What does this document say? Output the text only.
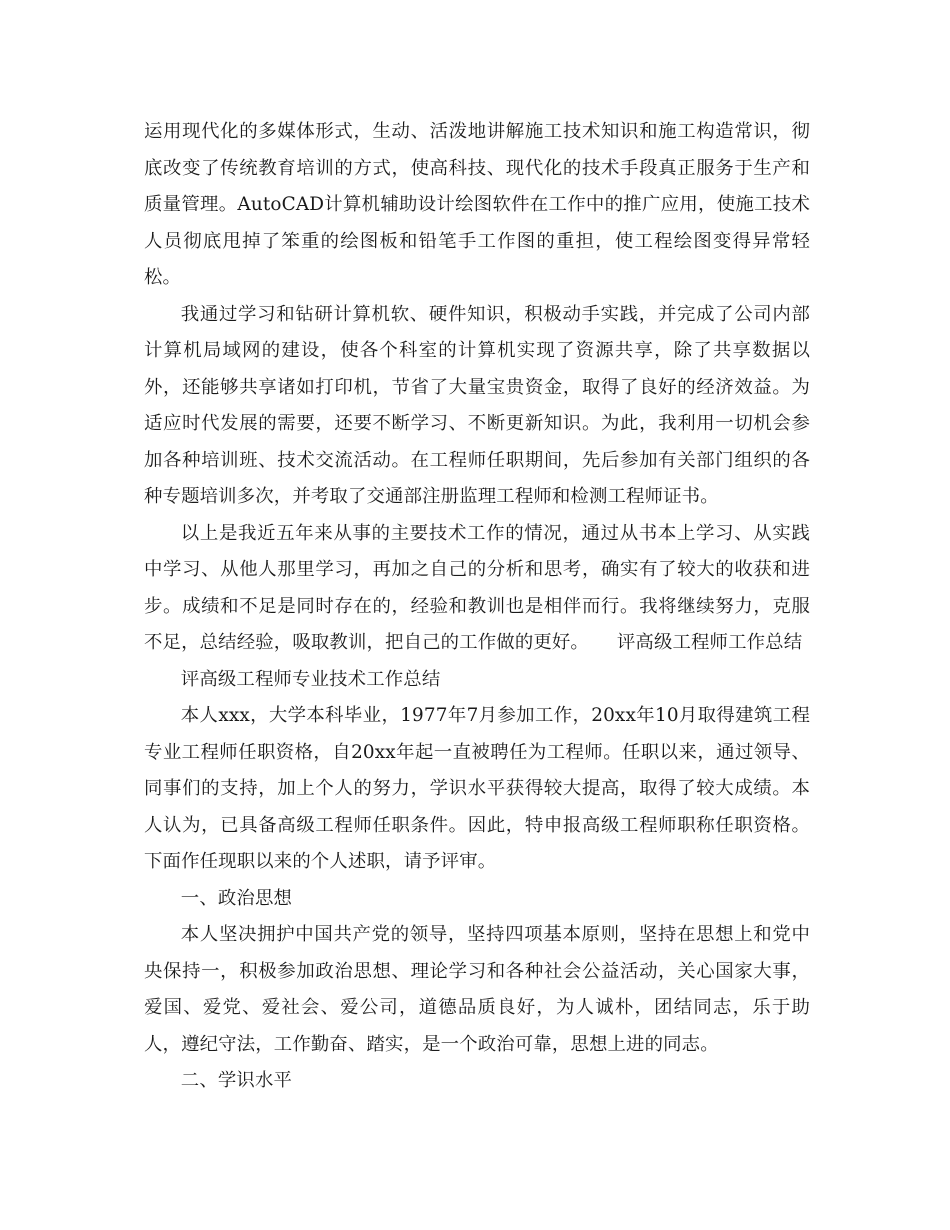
运用现代化的多媒体形式，生动、活泼地讲解施工技术知识和施工构造常识，彻底改变了传统教育培训的方式，使高科技、现代化的技术手段真正服务于生产和质量管理。AutoCAD计算机辅助设计绘图软件在工作中的推广应用，使施工技术人员彻底甩掉了笨重的绘图板和铅笔手工作图的重担，使工程绘图变得异常轻松。

我通过学习和钻研计算机软、硬件知识，积极动手实践，并完成了公司内部计算机局域网的建设，使各个科室的计算机实现了资源共享，除了共享数据以外，还能够共享诸如打印机，节省了大量宝贵资金，取得了良好的经济效益。为适应时代发展的需要，还要不断学习、不断更新知识。为此，我利用一切机会参加各种培训班、技术交流活动。在工程师任职期间，先后参加有关部门组织的各种专题培训多次，并考取了交通部注册监理工程师和检测工程师证书。

以上是我近五年来从事的主要技术工作的情况，通过从书本上学习、从实践中学习、从他人那里学习，再加之自己的分析和思考，确实有了较大的收获和进步。成绩和不足是同时存在的，经验和教训也是相伴而行。我将继续努力，克服不足，总结经验，吸取教训，把自己的工作做的更好。　　评高级工程师工作总结

评高级工程师专业技术工作总结

本人xxx，大学本科毕业，1977年7月参加工作，20xx年10月取得建筑工程专业工程师任职资格，自20xx年起一直被聘任为工程师。任职以来，通过领导、同事们的支持，加上个人的努力，学识水平获得较大提高，取得了较大成绩。本人认为，已具备高级工程师任职条件。因此，特申报高级工程师职称任职资格。下面作任现职以来的个人述职，请予评审。

一、政治思想

本人坚决拥护中国共产党的领导，坚持四项基本原则，坚持在思想上和党中央保持一，积极参加政治思想、理论学习和各种社会公益活动，关心国家大事，爱国、爱党、爱社会、爱公司，道德品质良好，为人诚朴，团结同志，乐于助人，遵纪守法，工作勤奋、踏实，是一个政治可靠，思想上进的同志。

二、学识水平
